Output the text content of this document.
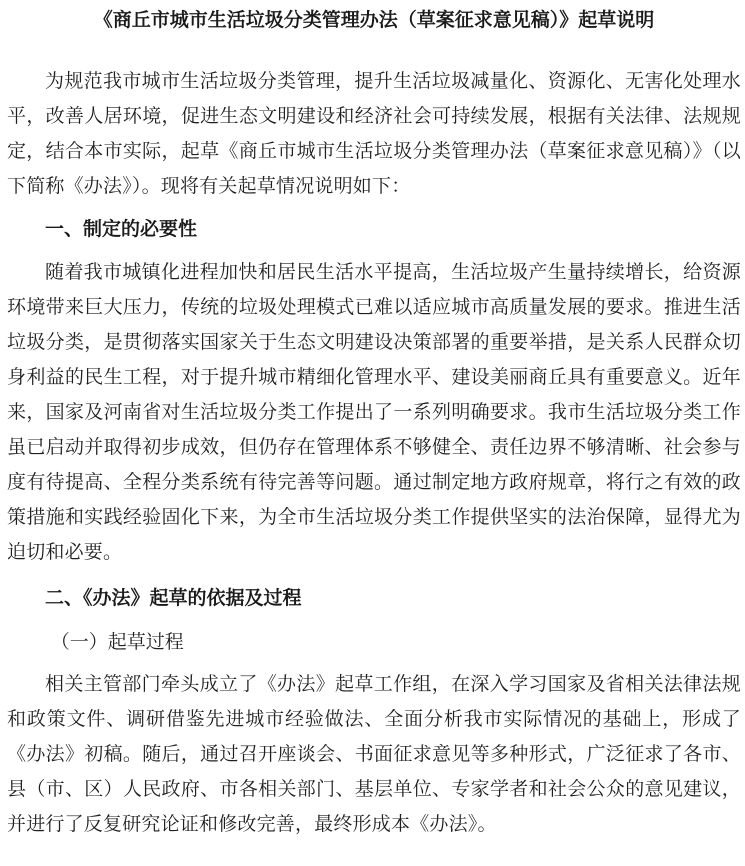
《商丘市城市生活垃圾分类管理办法（草案征求意见稿）》起草说明

为规范我市城市生活垃圾分类管理，提升生活垃圾减量化、资源化、无害化处理水平，改善人居环境，促进生态文明建设和经济社会可持续发展，根据有关法律、法规规定，结合本市实际，起草《商丘市城市生活垃圾分类管理办法（草案征求意见稿）》（以下简称《办法》）。现将有关起草情况说明如下：

一、制定的必要性

随着我市城镇化进程加快和居民生活水平提高，生活垃圾产生量持续增长，给资源环境带来巨大压力，传统的垃圾处理模式已难以适应城市高质量发展的要求。推进生活垃圾分类，是贯彻落实国家关于生态文明建设决策部署的重要举措，是关系人民群众切身利益的民生工程，对于提升城市精细化管理水平、建设美丽商丘具有重要意义。近年来，国家及河南省对生活垃圾分类工作提出了一系列明确要求。我市生活垃圾分类工作虽已启动并取得初步成效，但仍存在管理体系不够健全、责任边界不够清晰、社会参与度有待提高、全程分类系统有待完善等问题。通过制定地方政府规章，将行之有效的政策措施和实践经验固化下来，为全市生活垃圾分类工作提供坚实的法治保障，显得尤为迫切和必要。

二、《办法》起草的依据及过程

（一）起草过程

相关主管部门牵头成立了《办法》起草工作组，在深入学习国家及省相关法律法规和政策文件、调研借鉴先进城市经验做法、全面分析我市实际情况的基础上，形成了《办法》初稿。随后，通过召开座谈会、书面征求意见等多种形式，广泛征求了各市、县（市、区）人民政府、市各相关部门、基层单位、专家学者和社会公众的意见建议，并进行了反复研究论证和修改完善，最终形成本《办法》。
